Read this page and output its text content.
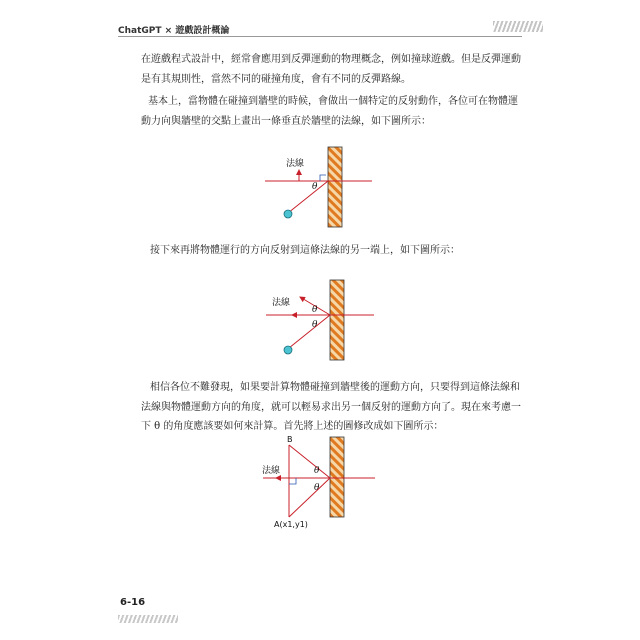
ChatGPT × 遊戲設計概論

在遊戲程式設計中，經常會應用到反彈運動的物理概念，例如撞球遊戲。但是反彈運動

是有其規則性，當然不同的碰撞角度，會有不同的反彈路線。

基本上，當物體在碰撞到牆壁的時候，會做出一個特定的反射動作，各位可在物體運

動力向與牆壁的交點上畫出一條垂直於牆壁的法線，如下圖所示：

接下來再將物體運行的方向反射到這條法線的另一端上，如下圖所示：

相信各位不難發現，如果要計算物體碰撞到牆壁後的運動方向，只要得到這條法線和

法線與物體運動方向的角度，就可以輕易求出另一個反射的運動方向了。現在來考慮一

下 θ 的角度應該要如何來計算。首先將上述的圖修改成如下圖所示：

法線
θ
法線
θ
θ
B
A(x1,y1)
法線	θ
θ
6-16
